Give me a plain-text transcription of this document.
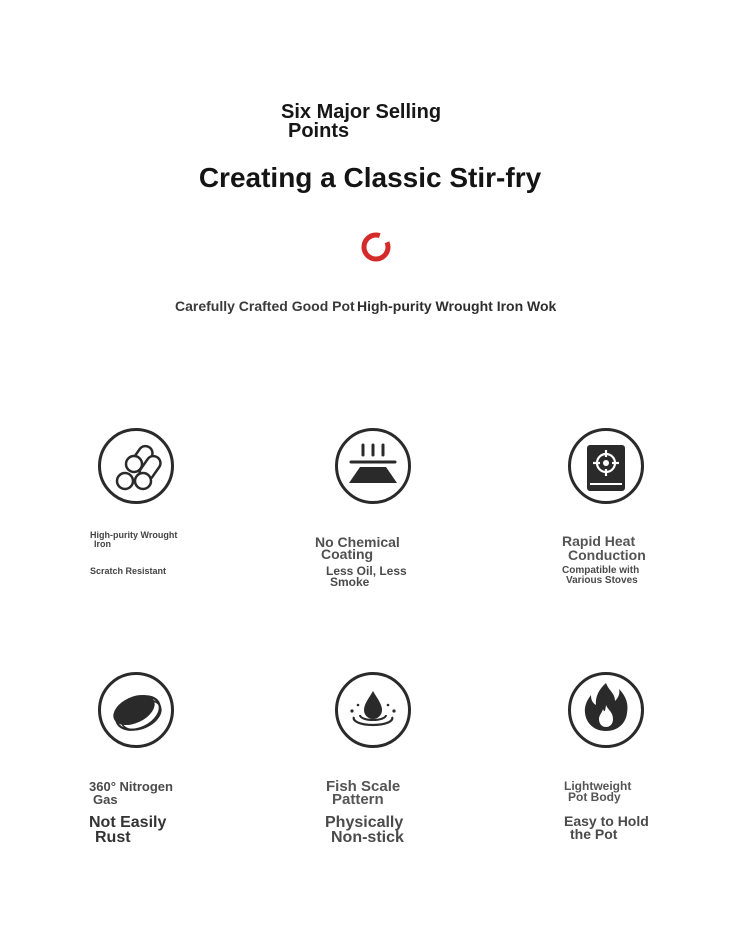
Six Major Selling
Points
Creating a Classic Stir-fry
Carefully Crafted Good Pot High-purity Wrought Iron Wok
High-purity Wrought
Iron
Scratch Resistant
No Chemical
Coating
Less Oil, Less
Smoke
Rapid Heat
Conduction
Compatible with
Various Stoves
360° Nitrogen
Gas
Not Easily
Rust
Fish Scale
Pattern
Physically
Non-stick
Lightweight
Pot Body
Easy to Hold
the Pot
